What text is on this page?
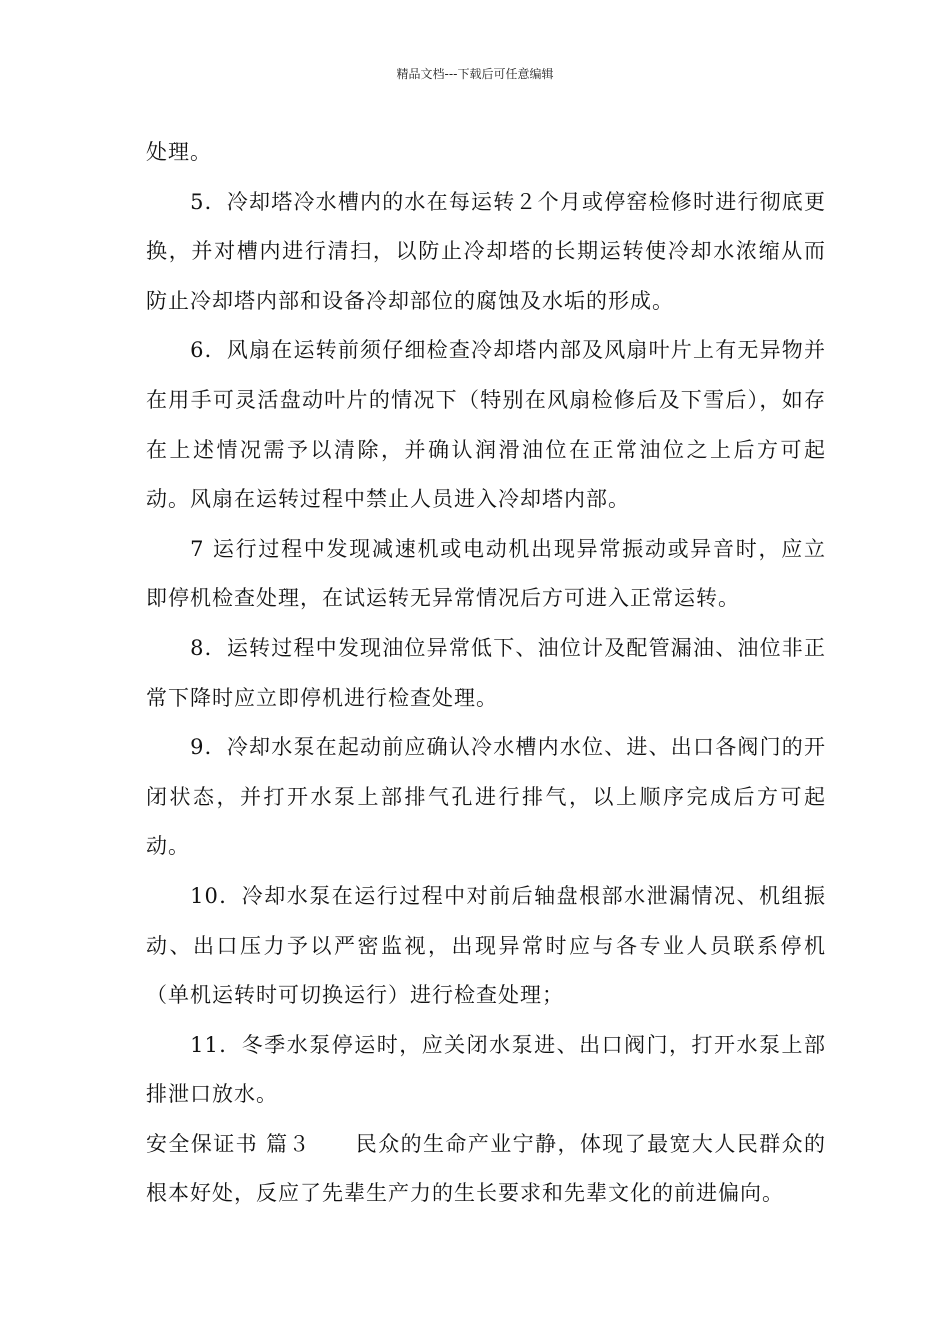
精品文档---下载后可任意编辑

处理。

5．冷却塔冷水槽内的水在每运转２个月或停窑检修时进行彻底更换，并对槽内进行清扫，以防止冷却塔的长期运转使冷却水浓缩从而防止冷却塔内部和设备冷却部位的腐蚀及水垢的形成。

6．风扇在运转前须仔细检查冷却塔内部及风扇叶片上有无异物并在用手可灵活盘动叶片的情况下（特别在风扇检修后及下雪后），如存在上述情况需予以清除，并确认润滑油位在正常油位之上后方可起动。风扇在运转过程中禁止人员进入冷却塔内部。

7 运行过程中发现减速机或电动机出现异常振动或异音时，应立即停机检查处理，在试运转无异常情况后方可进入正常运转。

8．运转过程中发现油位异常低下、油位计及配管漏油、油位非正常下降时应立即停机进行检查处理。

9．冷却水泵在起动前应确认冷水槽内水位、进、出口各阀门的开闭状态，并打开水泵上部排气孔进行排气，以上顺序完成后方可起动。

10．冷却水泵在运行过程中对前后轴盘根部水泄漏情况、机组振动、出口压力予以严密监视，出现异常时应与各专业人员联系停机（单机运转时可切换运行）进行检查处理；

11．冬季水泵停运时，应关闭水泵进、出口阀门，打开水泵上部排泄口放水。

安全保证书 篇３　　民众的生命产业宁静，体现了最宽大人民群众的根本好处，反应了先辈生产力的生长要求和先辈文化的前进偏向。
